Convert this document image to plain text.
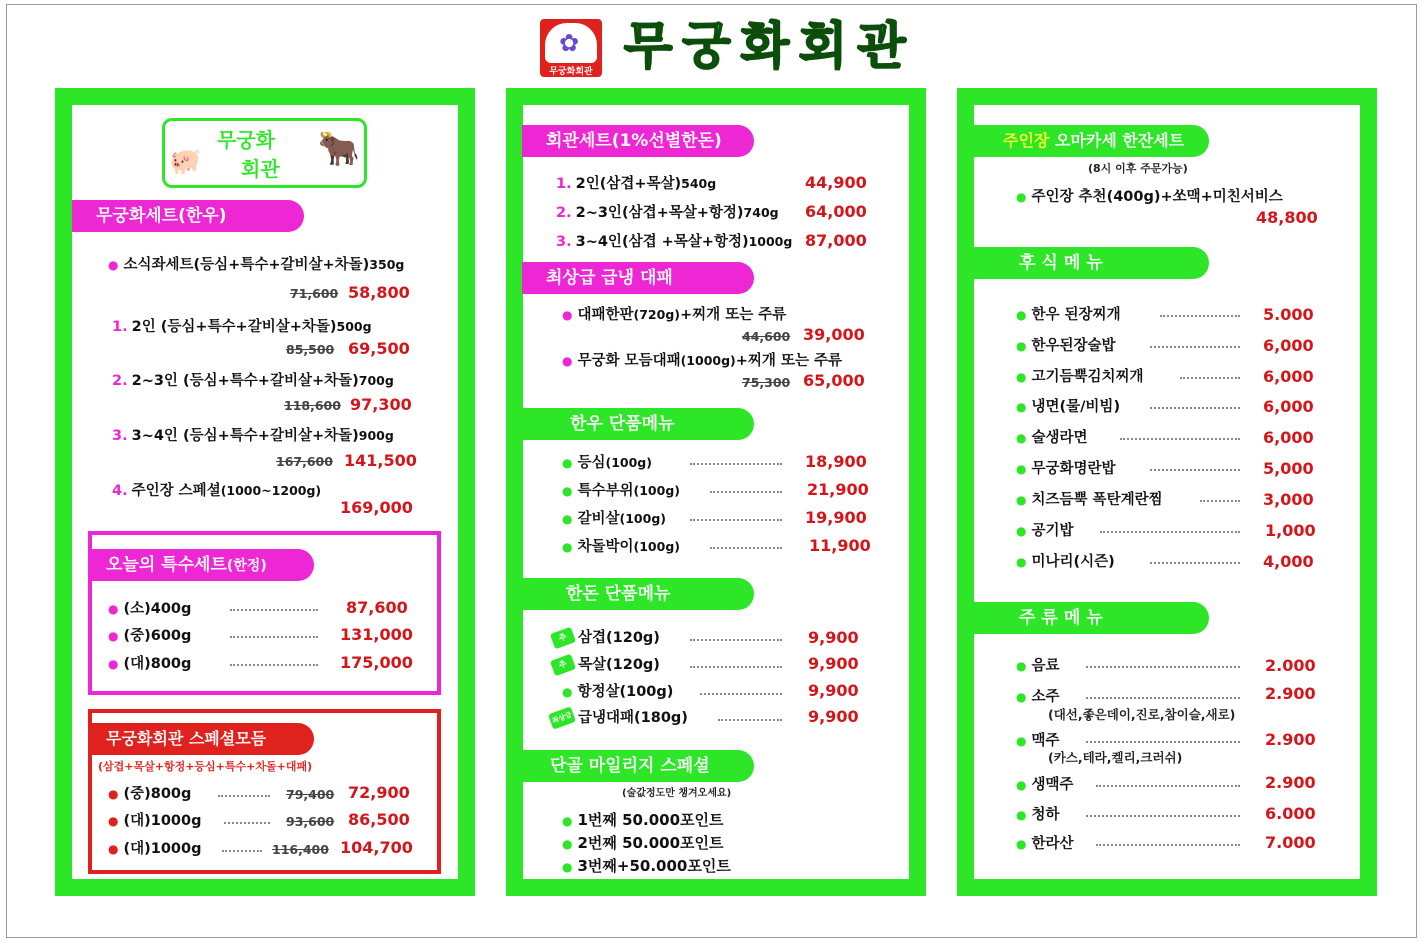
✿
무궁화회관 무궁화회관
🐖
무궁화
회관 🐂
무궁화세트(한우)
● 소식좌세트(등심+특수+갈비살+차돌)350g
71,600 58,800
1. 2인 (등심+특수+갈비살+차돌)500g
85,500 69,500
2. 2~3인 (등심+특수+갈비살+차돌)700g
118,600 97,300
3. 3~4인 (등심+특수+갈비살+차돌)900g
167,600 141,500
4. 주인장 스페셜(1000~1200g)
169,000
오늘의 특수세트(한정)
● (소)400g	87,600
● (중)600g	131,000
● (대)800g	175,000
무궁화회관 스페셜모듬
(삼겹+목살+항정+등심+특수+차돌+대패)
● (중)800g	79,400 72,900
● (대)1000g	93,600 86,500
● (대)1000g	116,400 104,700
회관세트(1%선별한돈)
1. 2인(삼겹+목살)540g	44,900
2. 2~3인(삼겹+목살+항정)740g 64,000
3. 3~4인(삼겹 +목살+항정)1000g 87,000
최상급 급냉 대패
● 대패한판(720g)+찌개 또는 주류
44,600 39,000
● 무궁화 모듬대패(1000g)+찌개 또는 주류
75,300 65,000
한우 단품메뉴
● 등심(100g)	18,900
● 특수부위(100g)	21,900
● 갈비살(100g)	19,900
● 차돌박이(100g)	11,900
한돈 단품메뉴
추 삼겹(120g)	9,900
추 목살(120g)	9,900
● 항정살(100g)	9,900
최상급 급냉대패(180g)	9,900
단골 마일리지 스페셜
(술값정도만 챙겨오세요)
● 1번째 50.000포인트
● 2번째 50.000포인트
● 3번째+50.000포인트
주인장 오마카세 한잔세트
(8시 이후 주문가능)
● 주인장 추천(400g)+쏘맥+미친서비스
48,800
후식메뉴
● 한우 된장찌개	5.000
● 한우된장술밥	6,000
● 고기듬뿍김치찌개	6,000
● 냉면(물/비빔)	6,000
● 술생라면	6,000
● 무궁화명란밥	5,000
● 치즈듬뿍 폭탄계란찜	3,000
● 공기밥	1,000
● 미나리(시즌)	4,000
주류메뉴
● 음료	2.000
● 소주
(대선,좋은데이,진로,참이슬,새로)
2.900
● 맥주
(카스,테라,켈리,크러쉬)
2.900
● 생맥주	2.900
● 청하	6.000
● 한라산	7.000
